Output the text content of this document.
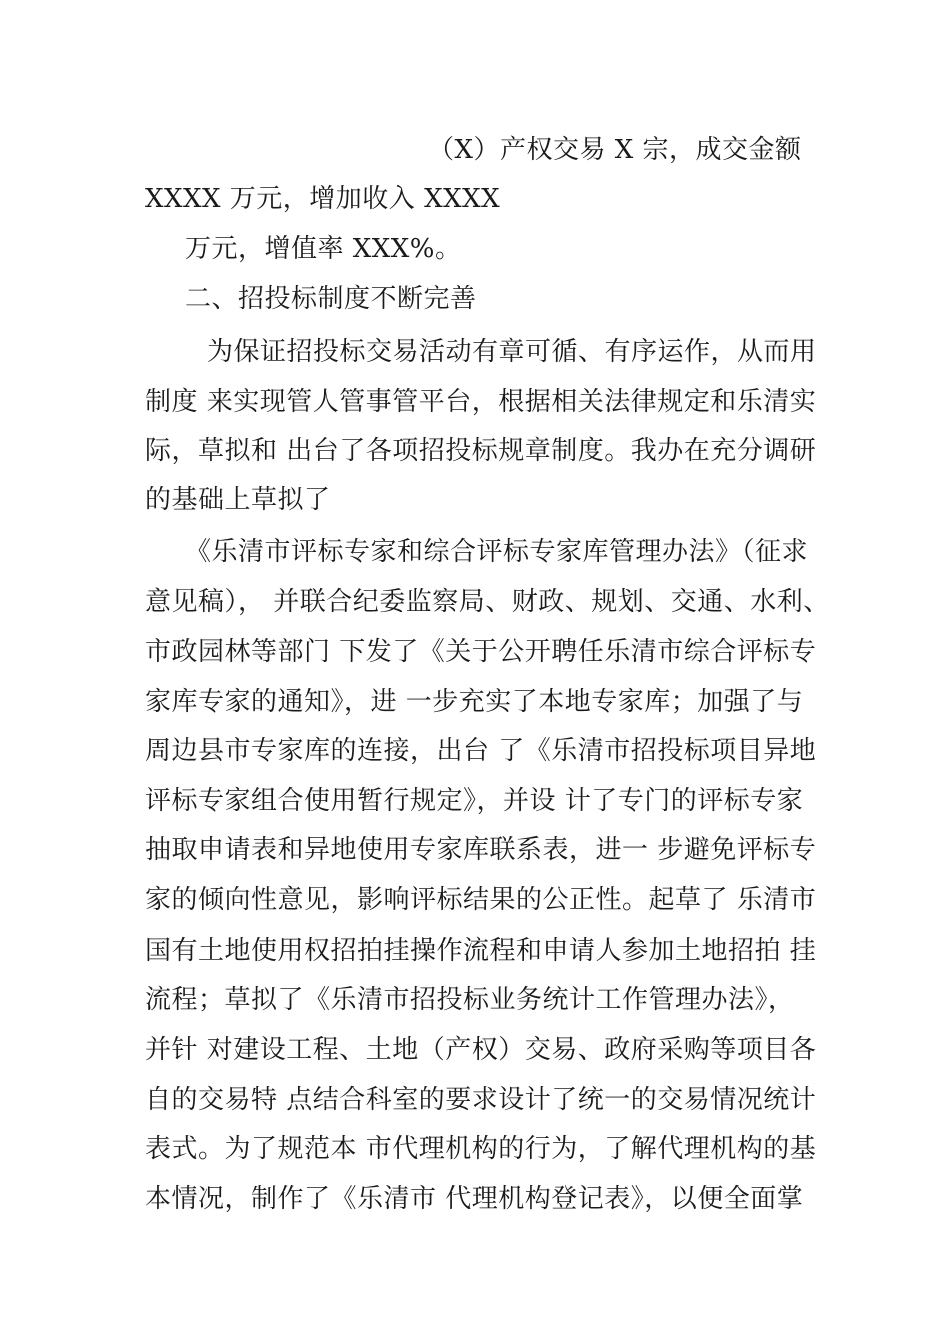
（X）产权交易 X 宗，成交金额
XXXX 万元，增加收入 XXXX
万元，增值率 XXX%。
二、招投标制度不断完善
为保证招投标交易活动有章可循、有序运作，从而用
制度 来实现管人管事管平台，根据相关法律规定和乐清实
际，草拟和 出台了各项招投标规章制度。我办在充分调研
的基础上草拟了
《乐清市评标专家和综合评标专家库管理办法》（征求
意见稿）， 并联合纪委监察局、财政、规划、交通、水利、
市政园林等部门 下发了《关于公开聘任乐清市综合评标专
家库专家的通知》，进 一步充实了本地专家库；加强了与
周边县市专家库的连接，出台 了《乐清市招投标项目异地
评标专家组合使用暂行规定》，并设 计了专门的评标专家
抽取申请表和异地使用专家库联系表，进一 步避免评标专
家的倾向性意见，影响评标结果的公正性。起草了 乐清市
国有土地使用权招拍挂操作流程和申请人参加土地招拍 挂
流程；草拟了《乐清市招投标业务统计工作管理办法》，
并针 对建设工程、土地（产权）交易、政府采购等项目各
自的交易特 点结合科室的要求设计了统一的交易情况统计
表式。为了规范本 市代理机构的行为，了解代理机构的基
本情况，制作了《乐清市 代理机构登记表》，以便全面掌
